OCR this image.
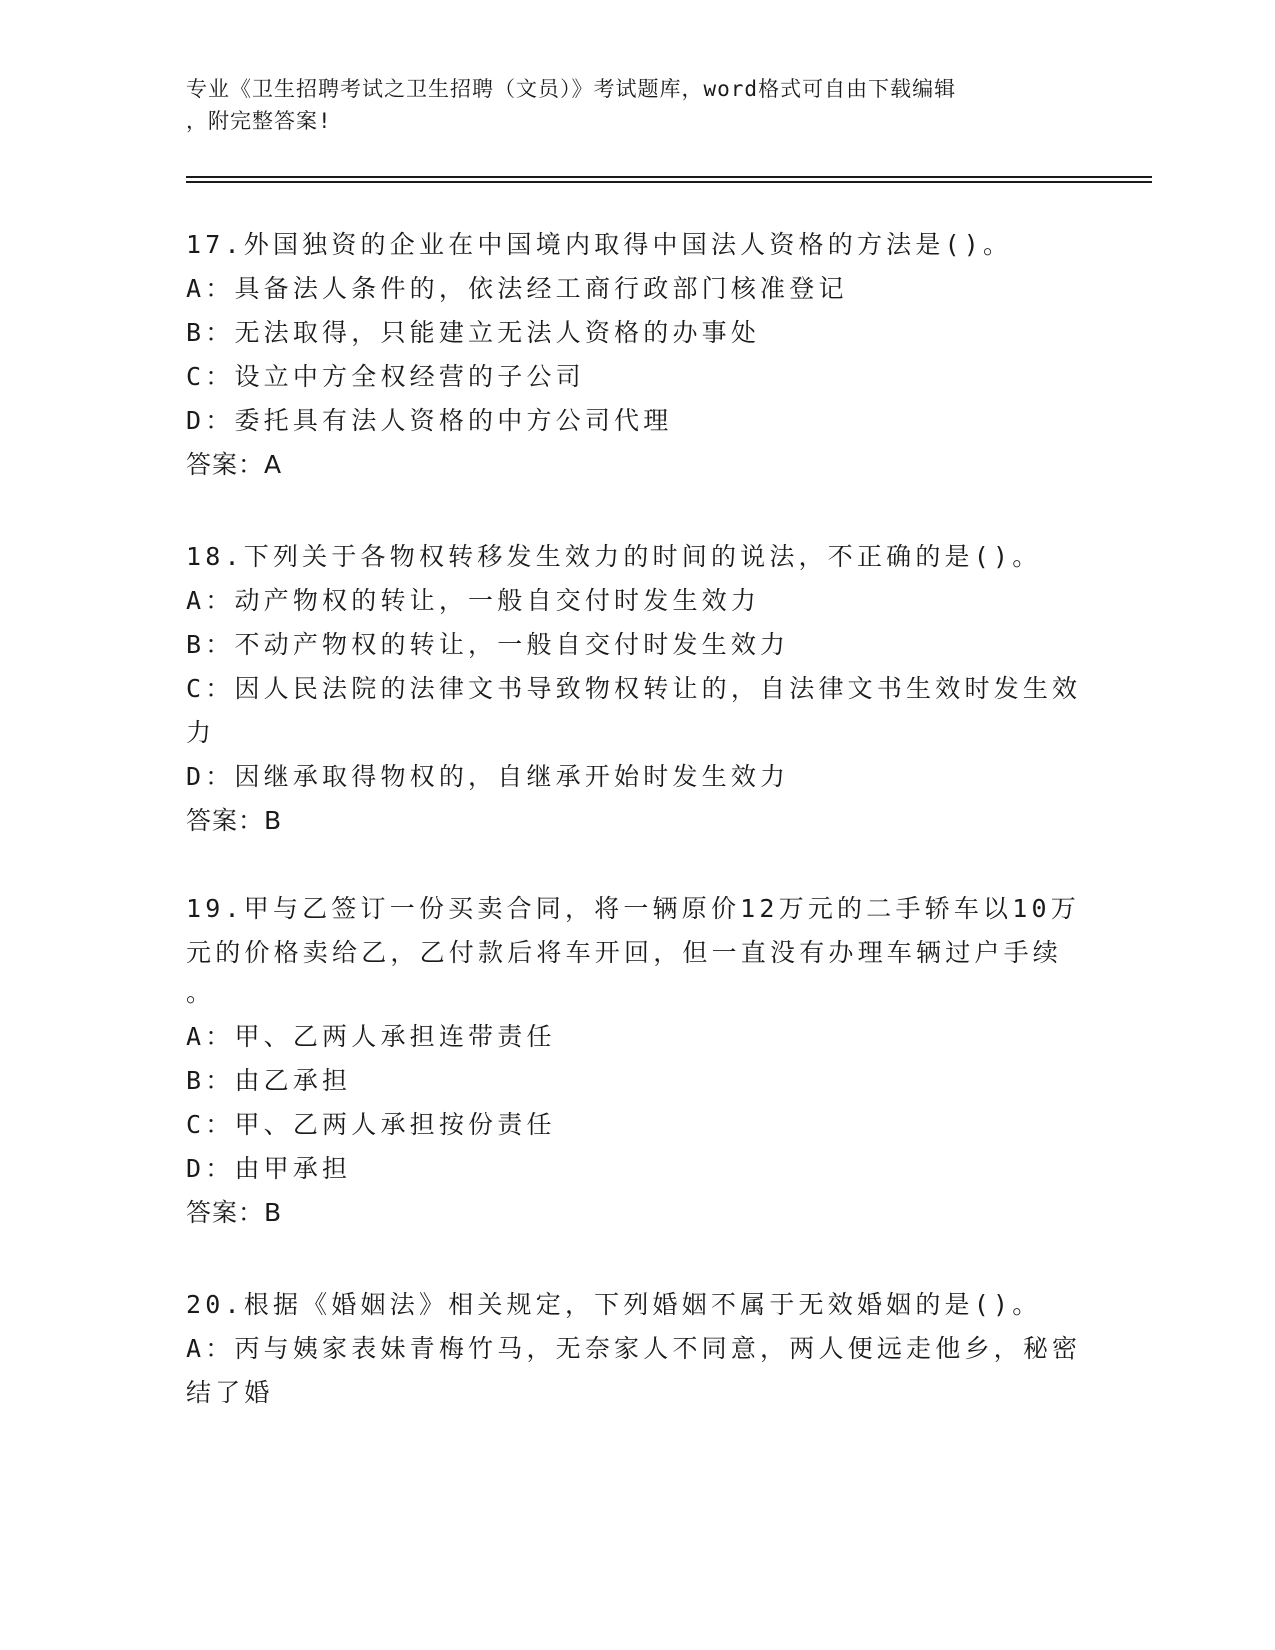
专业《卫生招聘考试之卫生招聘（文员）》考试题库，word格式可自由下载编辑
，附完整答案!
17.外国独资的企业在中国境内取得中国法人资格的方法是()。
A：具备法人条件的，依法经工商行政部门核准登记
B：无法取得，只能建立无法人资格的办事处
C：设立中方全权经营的子公司
D：委托具有法人资格的中方公司代理
答案：A
18.下列关于各物权转移发生效力的时间的说法，不正确的是()。
A：动产物权的转让，一般自交付时发生效力
B：不动产物权的转让，一般自交付时发生效力
C：因人民法院的法律文书导致物权转让的，自法律文书生效时发生效
力
D：因继承取得物权的，自继承开始时发生效力
答案：B
19.甲与乙签订一份买卖合同，将一辆原价12万元的二手轿车以10万
元的价格卖给乙，乙付款后将车开回，但一直没有办理车辆过户手续
。
A：甲、乙两人承担连带责任
B：由乙承担
C：甲、乙两人承担按份责任
D：由甲承担
答案：B
20.根据《婚姻法》相关规定，下列婚姻不属于无效婚姻的是()。
A：丙与姨家表妹青梅竹马，无奈家人不同意，两人便远走他乡，秘密
结了婚
